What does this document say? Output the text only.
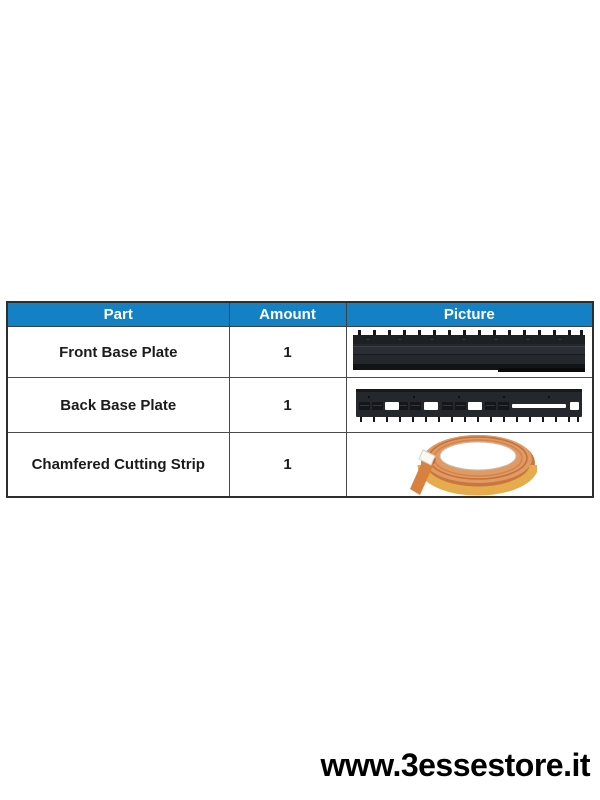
Part	Amount	Picture
Front Base Plate	1	

Back Base Plate	1	

Chamfered Cutting Strip	1	
www.3essestore.it
